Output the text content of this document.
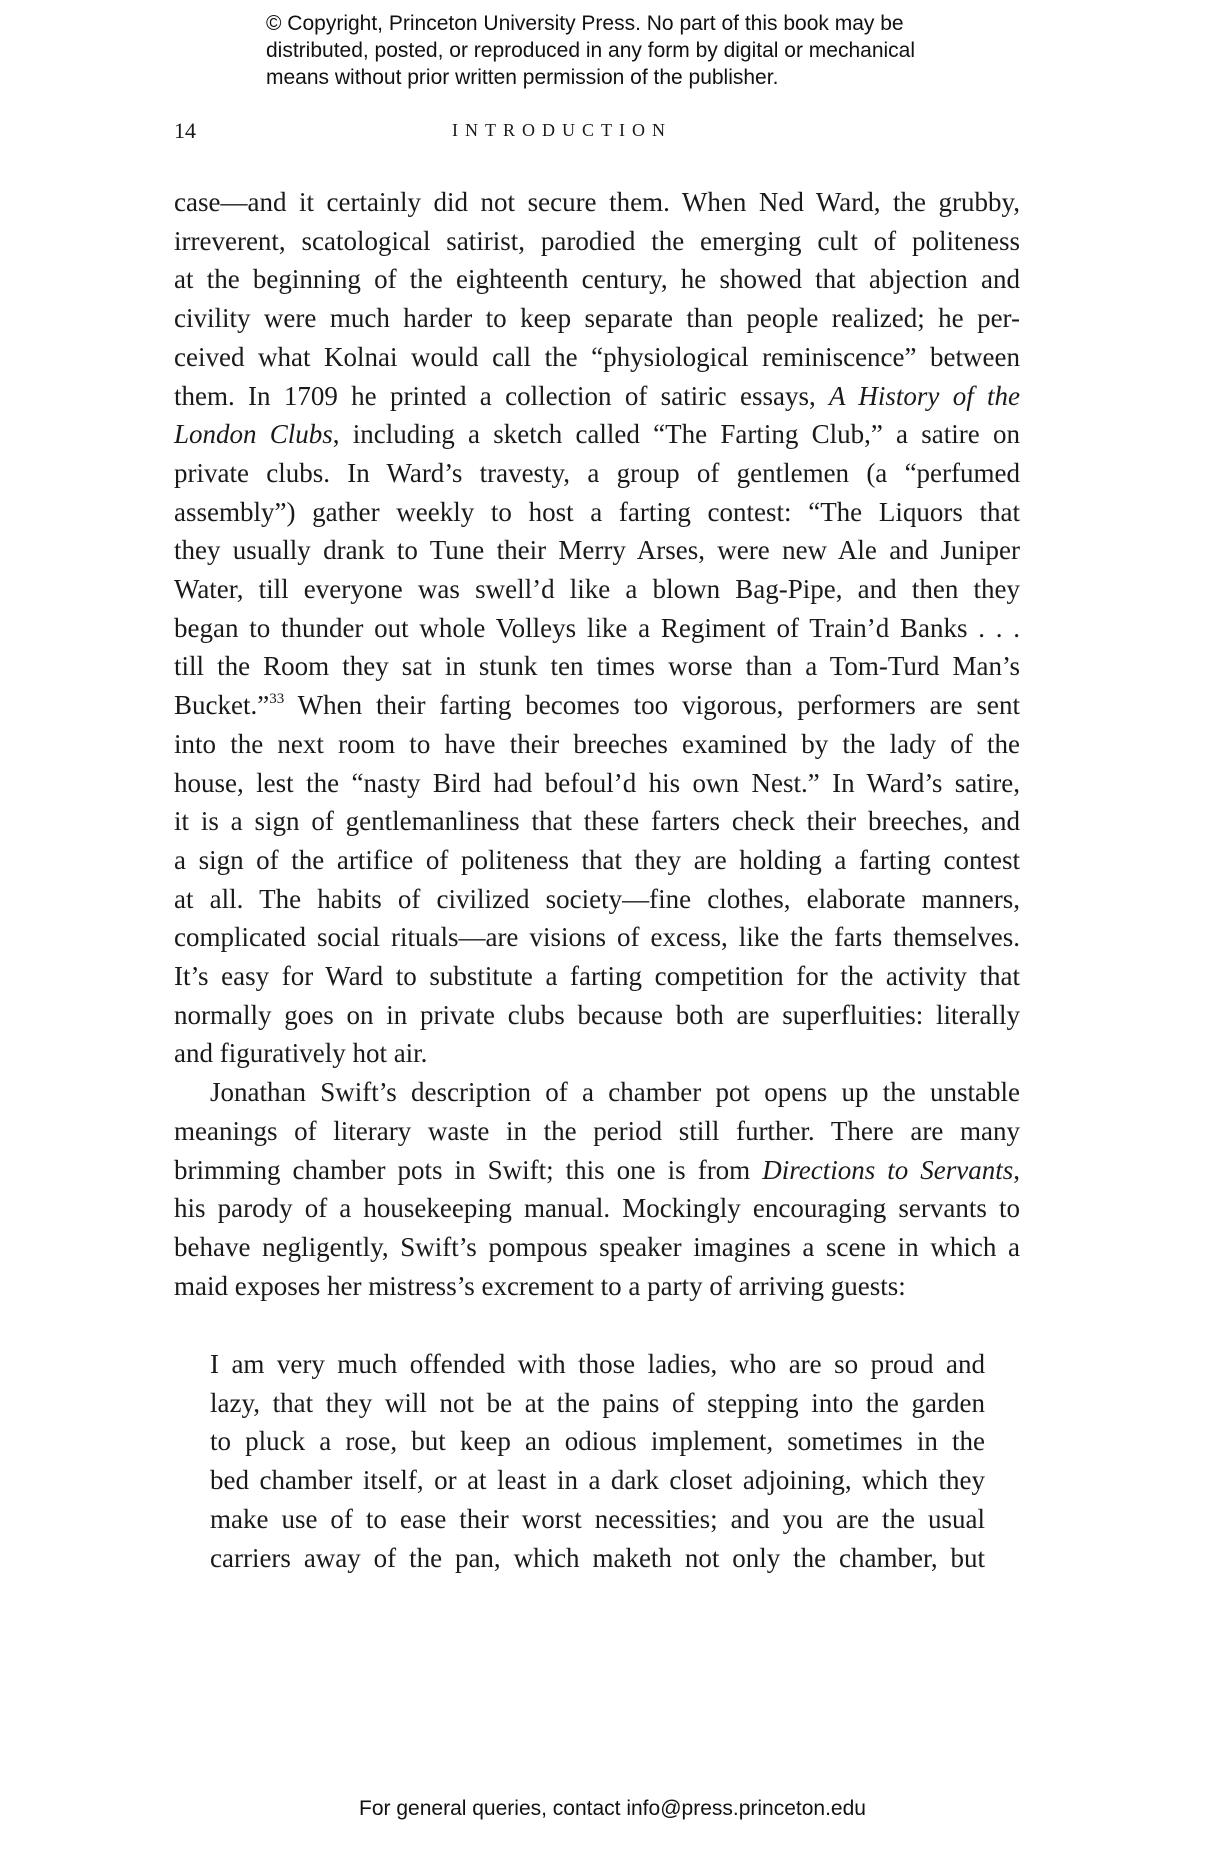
© Copyright, Princeton University Press. No part of this book may be
distributed, posted, or reproduced in any form by digital or mechanical
means without prior written permission of the publisher.
14	INTRODUCTION

case—and it certainly did not secure them. When Ned Ward, the grubby,
irreverent, scatological satirist, parodied the emerging cult of politeness
at the beginning of the eighteenth century, he showed that abjection and
civility were much harder to keep separate than people realized; he per-
ceived what Kolnai would call the “physiological reminiscence” between
them. In 1709 he printed a collection of satiric essays, A History of the
London Clubs, including a sketch called “The Farting Club,” a satire on
private clubs. In Ward’s travesty, a group of gentlemen (a “perfumed
assembly”) gather weekly to host a farting contest: “The Liquors that
they usually drank to Tune their Merry Arses, were new Ale and Juniper
Water, till everyone was swell’d like a blown Bag-Pipe, and then they
began to thunder out whole Volleys like a Regiment of Train’d Banks . . .
till the Room they sat in stunk ten times worse than a Tom-Turd Man’s
Bucket.”$^{33}$ When their farting becomes too vigorous, performers are sent
into the next room to have their breeches examined by the lady of the
house, lest the “nasty Bird had befoul’d his own Nest.” In Ward’s satire,
it is a sign of gentlemanliness that these farters check their breeches, and
a sign of the artifice of politeness that they are holding a farting contest
at all. The habits of civilized society—fine clothes, elaborate manners,
complicated social rituals—are visions of excess, like the farts themselves.
It’s easy for Ward to substitute a farting competition for the activity that
normally goes on in private clubs because both are superfluities: literally
and figuratively hot air.

Jonathan Swift’s description of a chamber pot opens up the unstable
meanings of literary waste in the period still further. There are many
brimming chamber pots in Swift; this one is from Directions to Servants,
his parody of a housekeeping manual. Mockingly encouraging servants to
behave negligently, Swift’s pompous speaker imagines a scene in which a
maid exposes her mistress’s excrement to a party of arriving guests:

I am very much offended with those ladies, who are so proud and
lazy, that they will not be at the pains of stepping into the garden
to pluck a rose, but keep an odious implement, sometimes in the
bed chamber itself, or at least in a dark closet adjoining, which they
make use of to ease their worst necessities; and you are the usual
carriers away of the pan, which maketh not only the chamber, but
For general queries, contact info@press.princeton.edu
